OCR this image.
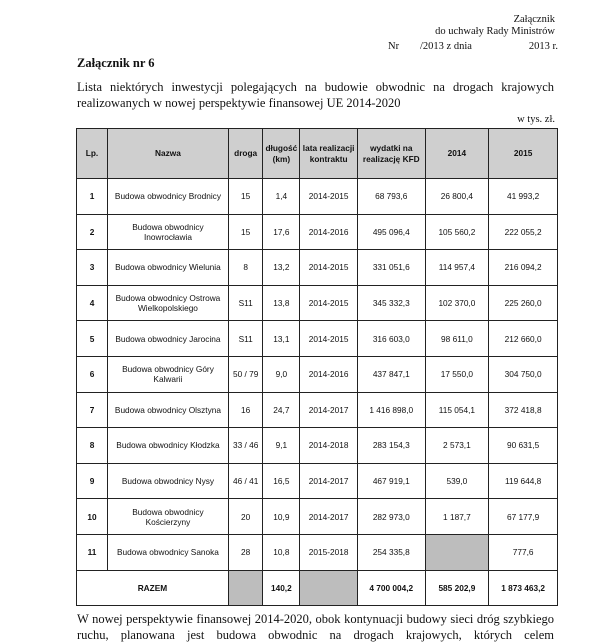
Załącznik
do uchwały Rady Ministrów
Nr /2013 z dnia	2013 r.
Załącznik nr 6
Lista niektórych inwestycji polegających na budowie obwodnic na drogach krajowych realizowanych w nowej perspektywie finansowej UE 2014-2020
w tys. zł.
Lp.	Nazwa	droga	długość (km)	lata realizacji kontraktu	wydatki na realizację KFD	2014	2015
1	Budowa obwodnicy Brodnicy	15	1,4	2014-2015	68 793,6	26 800,4	41 993,2
2	Budowa obwodnicy Inowrocławia	15	17,6	2014-2016	495 096,4	105 560,2	222 055,2
3	Budowa obwodnicy Wielunia	8	13,2	2014-2015	331 051,6	114 957,4	216 094,2
4	Budowa obwodnicy Ostrowa Wielkopolskiego	S11	13,8	2014-2015	345 332,3	102 370,0	225 260,0
5	Budowa obwodnicy Jarocina	S11	13,1	2014-2015	316 603,0	98 611,0	212 660,0
6	Budowa obwodnicy Góry Kalwarii	50 / 79	9,0	2014-2016	437 847,1	17 550,0	304 750,0
7	Budowa obwodnicy Olsztyna	16	24,7	2014-2017	1 416 898,0	115 054,1	372 418,8
8	Budowa obwodnicy Kłodzka	33 / 46	9,1	2014-2018	283 154,3	2 573,1	90 631,5
9	Budowa obwodnicy Nysy	46 / 41	16,5	2014-2017	467 919,1	539,0	119 644,8
10	Budowa obwodnicy Kościerzyny	20	10,9	2014-2017	282 973,0	1 187,7	67 177,9
11	Budowa obwodnicy Sanoka	28	10,8	2015-2018	254 335,8		777,6
RAZEM			140,2		4 700 004,2	585 202,9	1 873 463,2
W nowej perspektywie finansowej 2014-2020, obok kontynuacji budowy sieci dróg szybkiego ruchu, planowana jest budowa obwodnic na drogach krajowych, których celem
